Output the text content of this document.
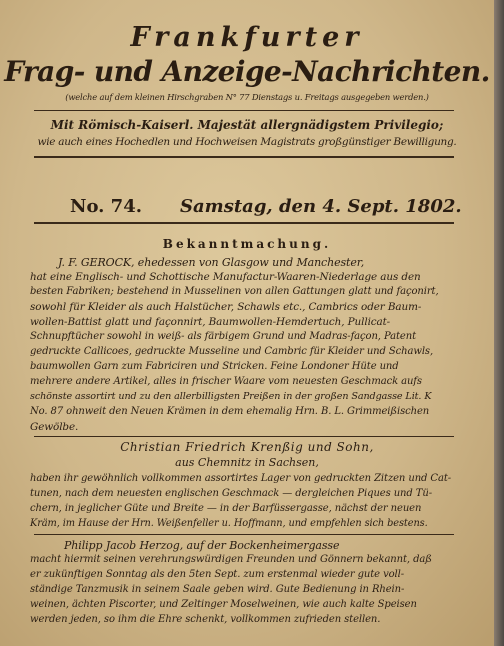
Frankfurter
Frag- und Anzeige-Nachrichten.
(welche auf dem kleinen Hirschgraben N° 77 Dienstags u. Freitags ausgegeben werden.)
Mit Römisch-Kaiserl. Majestät allergnädigstem Privilegio;
wie auch eines Hochedlen und Hochweisen Magistrats großgünstiger Bewilligung.
No. 74. Samstag, den 4. Sept. 1802.
Bekanntmachung.
J. F. GEROCK, ehedessen von Glasgow und Manchester,
hat eine Englisch- und Schottische Manufactur-Waaren-Niederlage aus den
besten Fabriken; bestehend in Musselinen von allen Gattungen glatt und façonirt,
sowohl für Kleider als auch Halstücher, Schawls etc., Cambrics oder Baum-
wollen-Battist glatt und façonnirt, Baumwollen-Hemdertuch, Pullicat-
Schnupftücher sowohl in weiß- als färbigem Grund und Madras-façon, Patent
gedruckte Callicoes, gedruckte Musseline und Cambric für Kleider und Schawls,
baumwollen Garn zum Fabriciren und Stricken. Feine Londoner Hüte und
mehrere andere Artikel, alles in frischer Waare vom neuesten Geschmack aufs
schönste assortirt und zu den allerbilligsten Preißen in der großen Sandgasse Lit. K
No. 87 ohnweit den Neuen Krämen in dem ehemalig Hrn. B. L. Grimmeißischen
Gewölbe.
Christian Friedrich Krenßig und Sohn,
aus Chemnitz in Sachsen,
haben ihr gewöhnlich vollkommen assortirtes Lager von gedruckten Zitzen und Cat-
tunen, nach dem neuesten englischen Geschmack — dergleichen Piques und Tü-
chern, in jeglicher Güte und Breite — in der Barfüssergasse, nächst der neuen
Kräm, im Hause der Hrn. Weißenfeller u. Hoffmann, und empfehlen sich bestens.
Philipp Jacob Herzog, auf der Bockenheimergasse
macht hiermit seinen verehrungswürdigen Freunden und Gönnern bekannt, daß
er zukünftigen Sonntag als den 5ten Sept. zum erstenmal wieder gute voll-
ständige Tanzmusik in seinem Saale geben wird. Gute Bedienung in Rhein-
weinen, ächten Piscorter, und Zeltinger Moselweinen, wie auch kalte Speisen
werden jeden, so ihm die Ehre schenkt, vollkommen zufrieden stellen.
